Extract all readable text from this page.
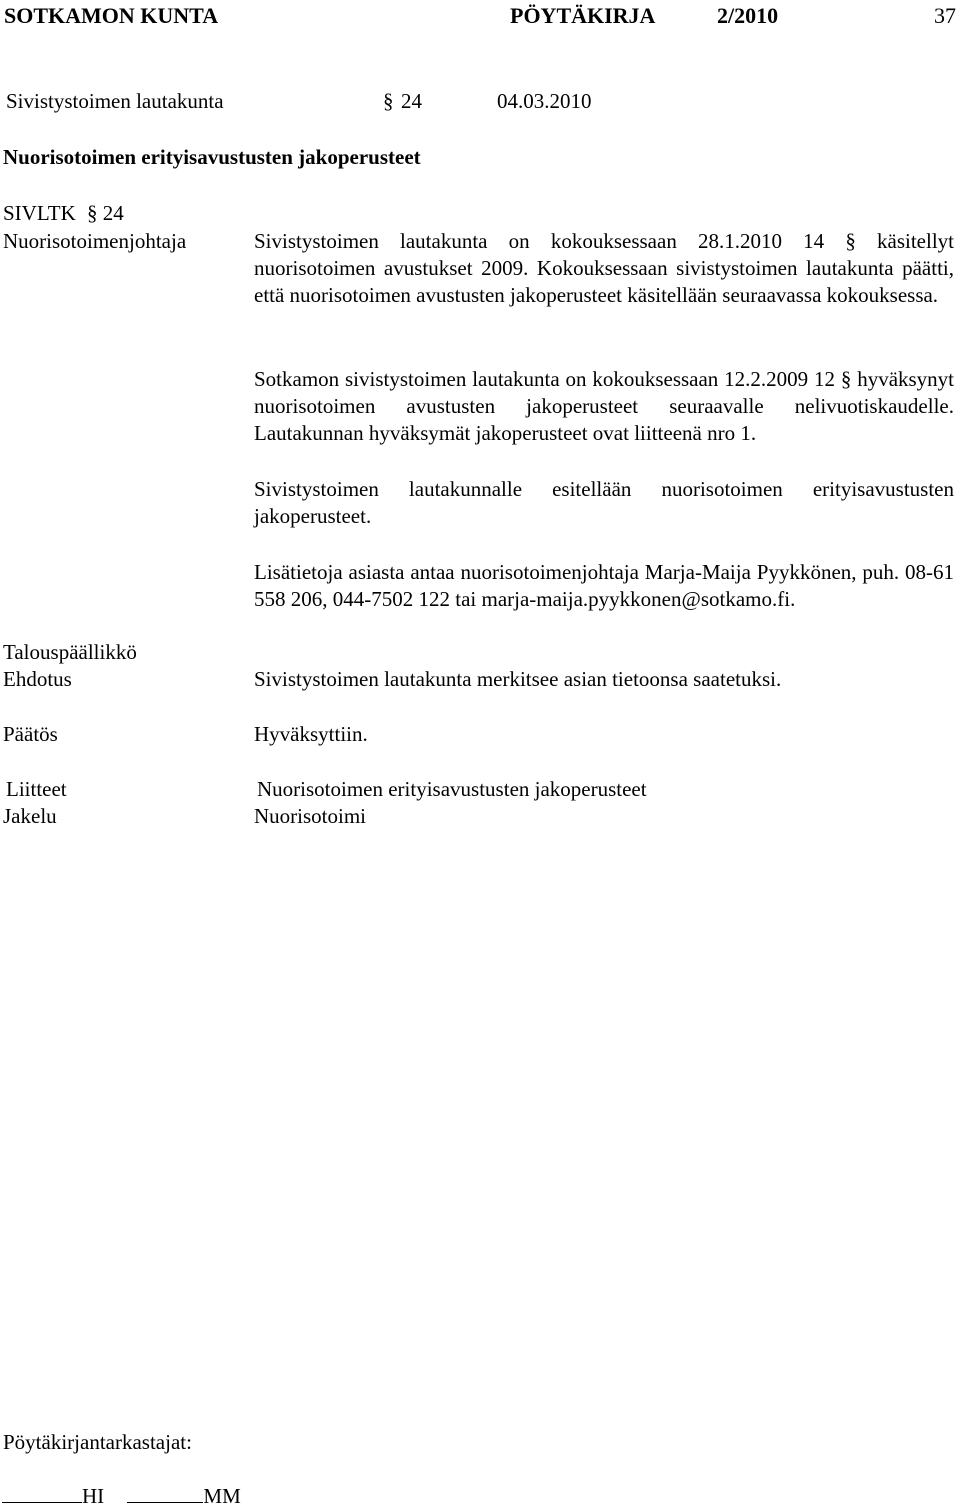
SOTKAMON KUNTA	PÖYTÄKIRJA	2/2010	37
Sivistystoimen lautakunta	§ 24	04.03.2010
Nuorisotoimen erityisavustusten jakoperusteet
SIVLTK § 24
Nuorisotoimenjohtaja	Sivistystoimen lautakunta on kokouksessaan 28.1.2010 14 § käsitellyt nuorisotoimen avustukset 2009. Kokouksessaan sivistystoimen lautakunta päätti, että nuorisotoimen avustusten jakoperusteet käsitellään seuraavassa kokouksessa.
Sotkamon sivistystoimen lautakunta on kokouksessaan 12.2.2009 12 § hyväksynyt nuorisotoimen avustusten jakoperusteet seuraavalle nelivuotiskaudelle. Lautakunnan hyväksymät jakoperusteet ovat liitteenä nro 1.
Sivistystoimen lautakunnalle esitellään nuorisotoimen erityisavustusten jakoperusteet.
Lisätietoja asiasta antaa nuorisotoimenjohtaja Marja-Maija Pyykkönen, puh. 08-61 558 206, 044-7502 122 tai marja-maija.pyykkonen@sotkamo.fi.
Talouspäällikkö
Ehdotus	Sivistystoimen lautakunta merkitsee asian tietoonsa saatetuksi.
Päätös	Hyväksyttiin.
Liitteet	Nuorisotoimen erityisavustusten jakoperusteet
Jakelu	Nuorisotoimi
Pöytäkirjantarkastajat:
HI	MM
